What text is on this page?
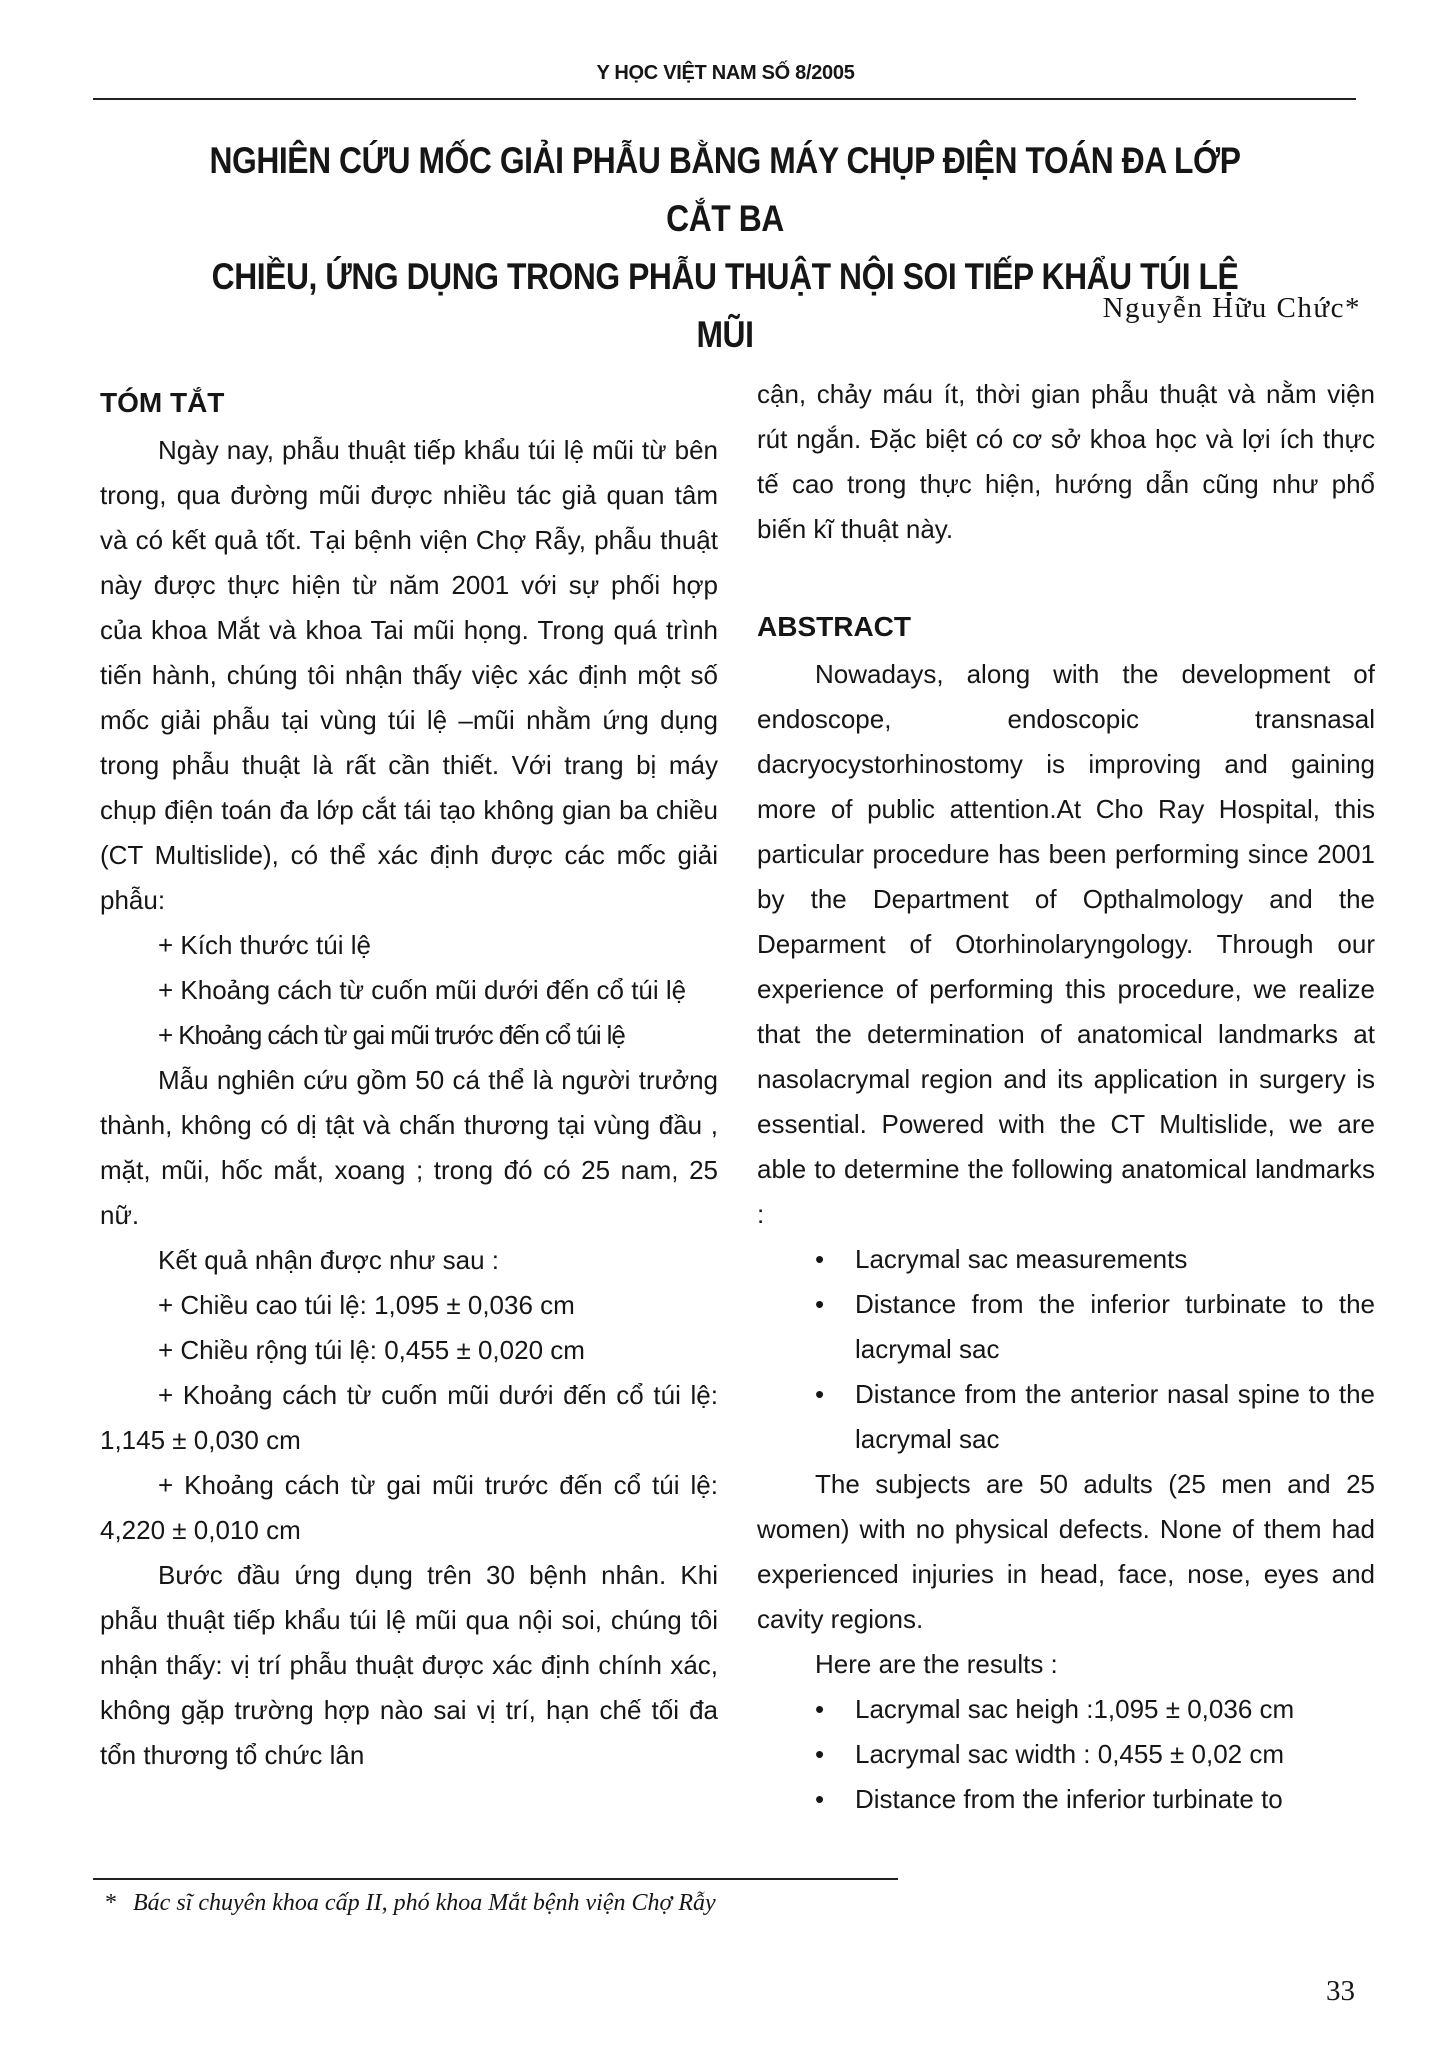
Y HỌC VIỆT NAM SỐ 8/2005
NGHIÊN CỨU MỐC GIẢI PHẪU BẰNG MÁY CHỤP ĐIỆN TOÁN ĐA LỚP CẮT BA
CHIỀU, ỨNG DỤNG TRONG PHẪU THUẬT NỘI SOI TIẾP KHẨU TÚI LỆ MŨI
Nguyễn Hữu Chức*
TÓM TẮT

Ngày nay, phẫu thuật tiếp khẩu túi lệ mũi từ bên trong, qua đường mũi được nhiều tác giả quan tâm và có kết quả tốt. Tại bệnh viện Chợ Rẫy, phẫu thuật này được thực hiện từ năm 2001 với sự phối hợp của khoa Mắt và khoa Tai mũi họng. Trong quá trình tiến hành, chúng tôi nhận thấy việc xác định một số mốc giải phẫu tại vùng túi lệ –mũi nhằm ứng dụng trong phẫu thuật là rất cần thiết. Với trang bị máy chụp điện toán đa lớp cắt tái tạo không gian ba chiều (CT Multislide), có thể xác định được các mốc giải phẫu:

+ Kích thước túi lệ

+ Khoảng cách từ cuốn mũi dưới đến cổ túi lệ

+ Khoảng cách từ gai mũi trước đến cổ túi lệ

Mẫu nghiên cứu gồm 50 cá thể là người trưởng thành, không có dị tật và chấn thương tại vùng đầu , mặt, mũi, hốc mắt, xoang ; trong đó có 25 nam, 25 nữ.

Kết quả nhận được như sau :

+ Chiều cao túi lệ: 1,095 ± 0,036 cm

+ Chiều rộng túi lệ: 0,455 ± 0,020 cm

+ Khoảng cách từ cuốn mũi dưới đến cổ túi lệ: 1,145 ± 0,030 cm

+ Khoảng cách từ gai mũi trước đến cổ túi lệ: 4,220 ± 0,010 cm

Bước đầu ứng dụng trên 30 bệnh nhân. Khi phẫu thuật tiếp khẩu túi lệ mũi qua nội soi, chúng tôi nhận thấy: vị trí phẫu thuật được xác định chính xác, không gặp trường hợp nào sai vị trí, hạn chế tối đa tổn thương tổ chức lân

cận, chảy máu ít, thời gian phẫu thuật và nằm viện rút ngắn. Đặc biệt có cơ sở khoa học và lợi ích thực tế cao trong thực hiện, hướng dẫn cũng như phổ biến kĩ thuật này.

ABSTRACT

Nowadays, along with the development of endoscope, endoscopic transnasal dacryocystorhinostomy is improving and gaining more of public attention.At Cho Ray Hospital, this particular procedure has been performing since 2001 by the Department of Opthalmology and the Deparment of Otorhinolaryngology. Through our experience of performing this procedure, we realize that the determination of anatomical landmarks at nasolacrymal region and its application in surgery is essential. Powered with the CT Multislide, we are able to determine the following anatomical landmarks :

• Lacrymal sac measurements

• Distance from the inferior turbinate to the lacrymal sac

• Distance from the anterior nasal spine to the lacrymal sac

The subjects are 50 adults (25 men and 25 women) with no physical defects. None of them had experienced injuries in head, face, nose, eyes and cavity regions.

Here are the results :

• Lacrymal sac heigh :1,095 ± 0,036 cm

• Lacrymal sac width : 0,455 ± 0,02 cm

• Distance from the inferior turbinate to

* Bác sĩ chuyên khoa cấp II, phó khoa Mắt bệnh viện Chợ Rẫy
33
